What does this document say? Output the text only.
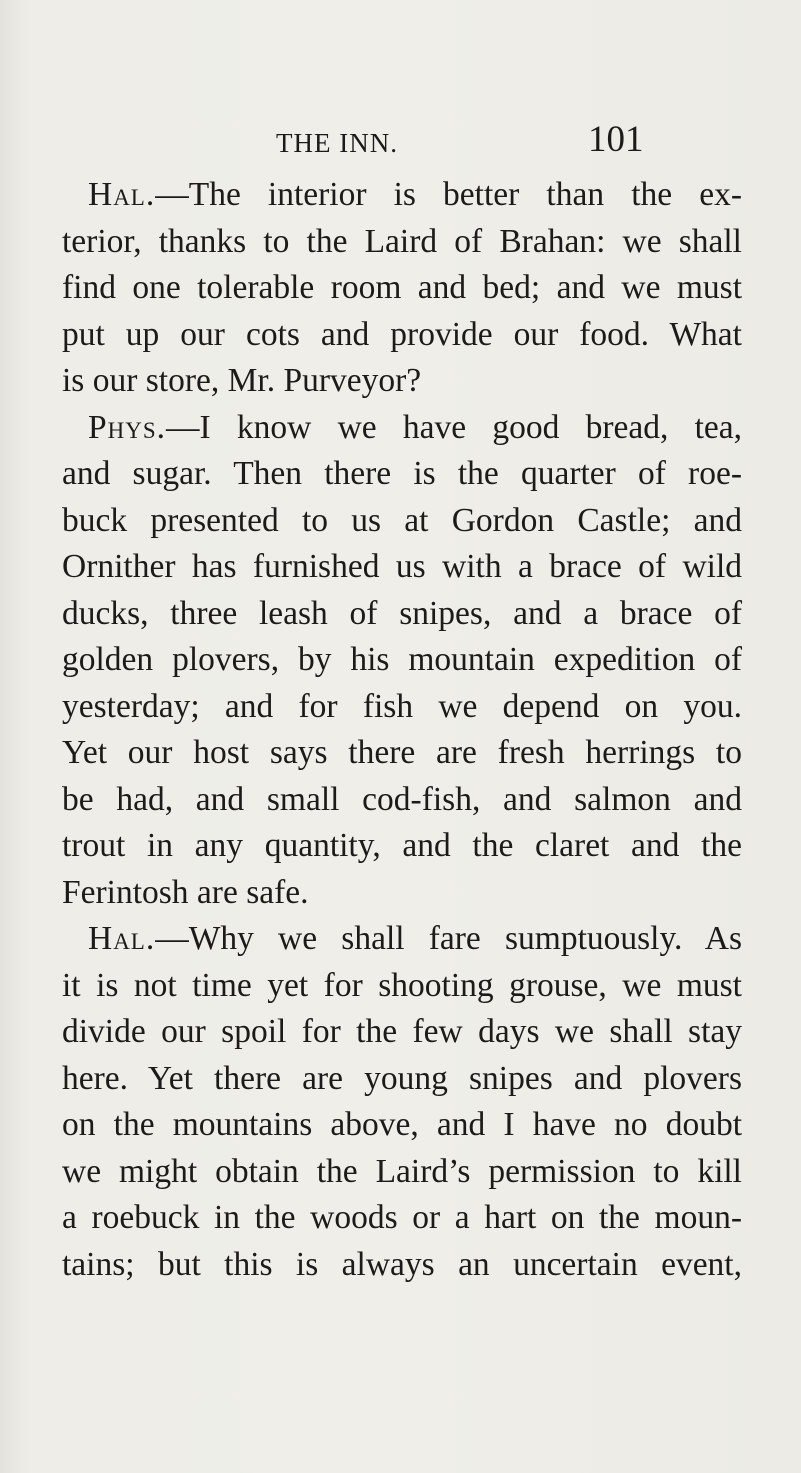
THE INN.	101
Hal.—The interior is better than the ex-
terior, thanks to the Laird of Brahan: we shall
find one tolerable room and bed; and we must
put up our cots and provide our food. What
is our store, Mr. Purveyor?
Phys.—I know we have good bread, tea,
and sugar. Then there is the quarter of roe-
buck presented to us at Gordon Castle; and
Ornither has furnished us with a brace of wild
ducks, three leash of snipes, and a brace of
golden plovers, by his mountain expedition of
yesterday; and for fish we depend on you.
Yet our host says there are fresh herrings to
be had, and small cod-fish, and salmon and
trout in any quantity, and the claret and the
Ferintosh are safe.
Hal.—Why we shall fare sumptuously. As
it is not time yet for shooting grouse, we must
divide our spoil for the few days we shall stay
here. Yet there are young snipes and plovers
on the mountains above, and I have no doubt
we might obtain the Laird’s permission to kill
a roebuck in the woods or a hart on the moun-
tains; but this is always an uncertain event,
